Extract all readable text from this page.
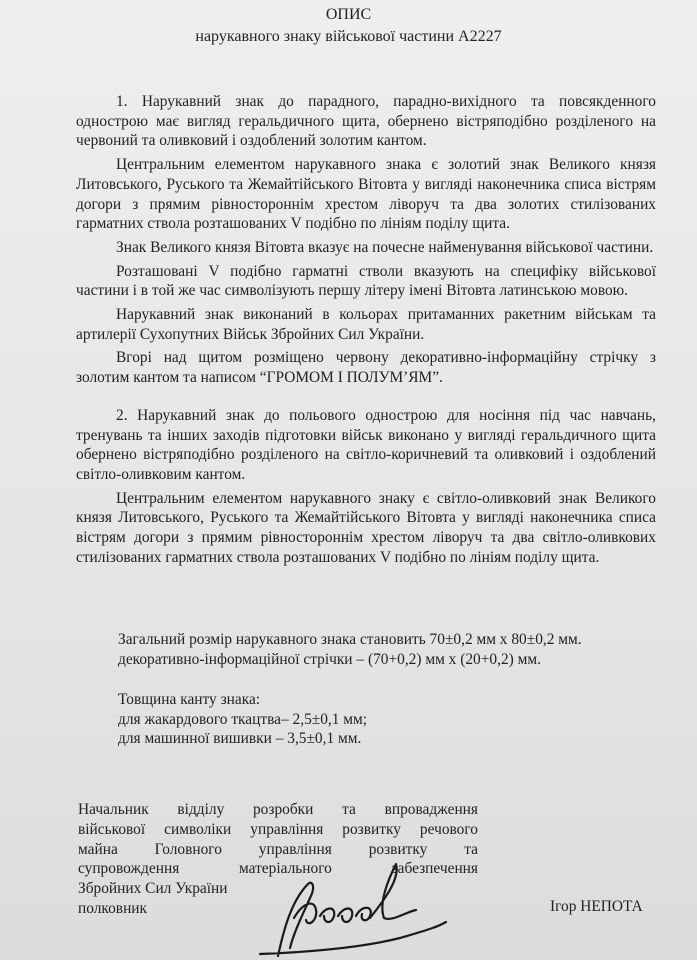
ОПИС
нарукавного знаку військової частини А2227

1. Нарукавний знак до парадного, парадно-вихідного та повсякденного однострою має вигляд геральдичного щита, обернено вістряподібно розділеного на червоний та оливковий і оздоблений золотим кантом.

Центральним елементом нарукавного знака є золотий знак Великого князя Литовського, Руського та Жемайтійського Вітовта у вигляді наконечника списа вістрям догори з прямим рівностороннім хрестом ліворуч та два золотих стилізованих гарматних ствола розташованих V подібно по лініям поділу щита.

Знак Великого князя Вітовта вказує на почесне найменування військової частини.

Розташовані V подібно гарматні стволи вказують на специфіку військової частини і в той же час символізують першу літеру імені Вітовта латинською мовою.

Нарукавний знак виконаний в кольорах притаманних ракетним військам та артилерії Сухопутних Військ Збройних Сил України.

Вгорі над щитом розміщено червону декоративно-інформаційну стрічку з золотим кантом та написом “ГРОМОМ І ПОЛУМ’ЯМ”.

2. Нарукавний знак до польового однострою для носіння під час навчань, тренувань та інших заходів підготовки військ виконано у вигляді геральдичного щита обернено вістряподібно розділеного на світло-коричневий та оливковий і оздоблений світло-оливковим кантом.

Центральним елементом нарукавного знаку є світло-оливковий знак Великого князя Литовського, Руського та Жемайтійського Вітовта у вигляді наконечника списа вістрям догори з прямим рівностороннім хрестом ліворуч та два світло-оливкових стилізованих гарматних ствола розташованих V подібно по лініям поділу щита.

Загальний розмір нарукавного знака становить 70±0,2 мм х 80±0,2 мм.
декоративно-інформаційної стрічки – (70+0,2) мм х (20+0,2) мм.
Товщина канту знака:
для жакардового ткацтва– 2,5±0,1 мм;
для машинної вишивки – 3,5±0,1 мм.
Начальник відділу розробки та впровадження
військової символіки управління розвитку речового
майна Головного управління розвитку та
супровождення матеріального забезпечення
Збройних Сил України
полковник	Ігор НЕПОТА
